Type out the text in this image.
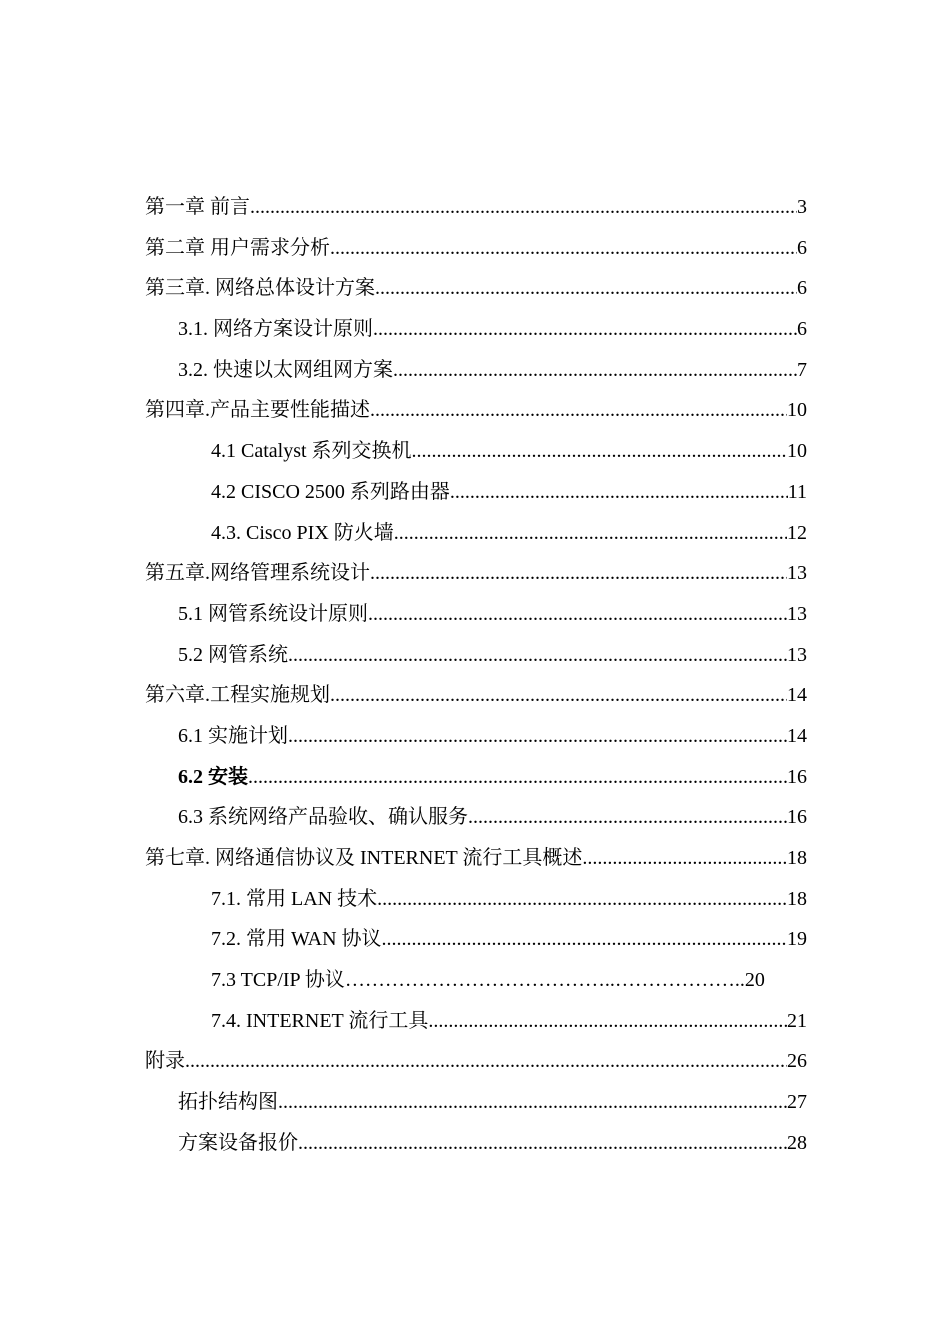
第一章 前言 .....	3
第二章 用户需求分析 .....	6
第三章. 网络总体设计方案 .....	6
3.1. 网络方案设计原则 .....	6
3.2. 快速以太网组网方案 .....	7
第四章.产品主要性能描述 .....	10
4.1 Catalyst 系列交换机 .....	10
4.2 CISCO 2500 系列路由器 .....	11
4.3. Cisco PIX 防火墙 .....	12
第五章.网络管理系统设计 .....	13
5.1 网管系统设计原则 .....	13
5.2 网管系统 .....	13
第六章.工程实施规划 .....	14
6.1 实施计划 .....	14
6.2 安装 .....	16
6.3 系统网络产品验收、确认服务 .....	16
第七章. 网络通信协议及 INTERNET 流行工具概述 .....	18
7.1. 常用 LAN 技术 .....	18
7.2. 常用 WAN 协议 .....	19
7.3 TCP/IP 协议…………………………………..……………….. 20
7.4. INTERNET 流行工具 .....	21
附录 .....	26
拓扑结构图 .....	27
方案设备报价 .....	28
